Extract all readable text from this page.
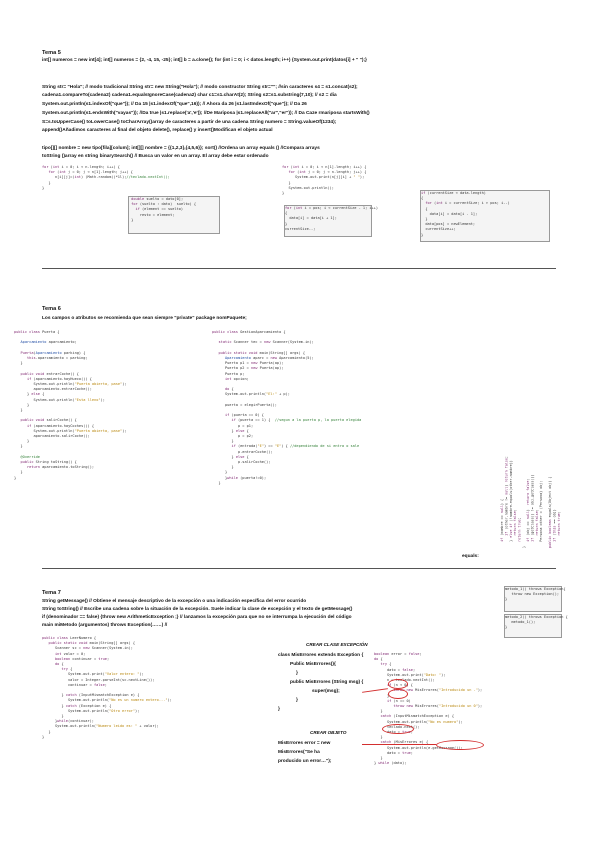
Tema 5
int[] numeros = new int[4]; int[] numeros = {2, -4, 15, -25}; int[] b = a.clone(); for (int i = 0; i < datos.length; i++) {System.out.print(datos[i] + " ");}
String str= "Hola"; // modo tradicional String str= new String("Hola"); // modo constructor String str=""; //sin caracteres s4 = s1.concat(s2);
cadena1.compareTo(cadena2) cadena1.equalsIgnoreCase(cadena2) char c1=s1.charAt(2); String s2=s1.substring(7,10); // s2 = dia
System.out.println(s1.indexOf("que")); // Da 15 |s1.indexOf("que",16)); // Ahora da 26 |s1.lastIndexOf("que")); // Da 26
System.out.println(s1.endsWith("vayas")); //Da true |s1.replace('a','e')); //De Mariposa |s1.replaceAll("ar","er")); // Da Caze rmariposa startsWith()
S=s.toUpperCase() toLowerCase() toCharArray()array de caracteres a partir de una cadena String numero = String.valueOf(1234);
append()Añadimos caracteres al final del objeto delete(), replace() y insert()Modifican el objeto actual
tipo[][] nombre = new tipo[fila][colum]; int[][] nombre = {{1,2,3},{4,5,6}}; sort() //Ordena un array equals () //Compara arrays
toString ()array en string binarySearch() // Busca un valor en un array. El array debe estar ordenado
for (int i = 0; i < n.length; i++) {
for (int j = 0; j < n[1].length; j++) {
n[i][j]=(int) (Math.random()*1l);//teclado.nextInt();
}
}
double suelto = dato[0];
for (suelto : dato)  suelto) {
if (element == suelto)
resto = element;
}
for (int i = 0; i < n[1].length; i++) {
for (int j = 0; j < n.length; j++) {
System.out.print(n[j][i] + " ");
}
System.out.println();
}
for (int i = pos; i < currentSize - 1; i++)
{
data[i] = data[i + 1];
}
currentSize--;
if (currentSize < data.length)
{
for (int i = currentSize; i > pos; i--)
{
data[i] = data[i - 1];
}
data[pos] = newElement;
currentSize++;
}
Tema 6
Los campos o atributos se recomienda que sean siempre "private" package nomPaquete;
public class Puerta {

Aparcamiento aparcamiento;

Puerta(Aparcamiento parking) {
this.aparcamiento = parking;
}

public void entrarCoche() {
if (aparcamiento.hayHueco()) {
System.out.println("Puerta abierta, pase");
aparcamiento.entrarCoche();
} else {
System.out.println("Esta lleno");
}
}

public void salirCoche() {
if (aparcamiento.hayCoches()) {
System.out.println("Puerta abierta, pase");
aparcamiento.salirCoche();
}
}

@Override
public String toString() {
return aparcamiento.toString();
}
}
public class GestionAparcamiento {

static Scanner tec = new Scanner(System.in);

public static void main(String[] args) {
Aparcamiento aparc = new Aparcamiento(5);
Puerta p1 = new Puerta(ap);
Puerta p2 = new Puerta(ap);
Puerta p;
int opcion;

do {
System.out.println("El:" + p);

puerta = elegirPuerta();

if (puerta == 0) {
if (puerta == 1) {  //segun a la puerta p, la puerta elegida
p = p1;
} else {
p = p2;
}
if (entrada("E") == "E") { //dependiendo de si entra o sale
p.entrarCoche();
} else {
p.salirCoche();
}
}
}while (puerta!=0);
}
public boolean equals(Object obj) {
if (this == obj)
return true;
if (obj == null)  return false;
if (getClass() != obj.getClass())
return false;
Persona other = (Persona) obj;
if (nombre == null) {
if (other.nombre != null) return false;
} else if (!nombre.equals(other.nombre))
return false;
return true;
}
equals:
Tema 7
String getMessage() // Obtiene el mensaje descriptivo de la excepción o una indicación específica del error ocurrido
String toString() // Escribe una cadena sobre la situación de la excepción. Suele indicar la clase de excepción y el texto de getMessage()
if (denominador == false) {throw new ArithmeticException ;} // lanzamos la excepción para que no se interrumpa la ejecución del código
main miMetodo (argumentos) throws Exception(……) //
metodo_1() throws Exception{
throw new Exception();
}
metodo_2() throws Exception {
metodo_1();
}
public class LeerNumero {
public static void main(String[] args) {
Scanner sc = new Scanner(System.in);
int valor = 0;
boolean continuar = true;
do {
try {
System.out.print("Valor entero: ");
valor = Integer.parseInt(sc.nextLine());
continuar = false;

} catch (InputMismatchException e) {
System.out.println("No es un numero entero...");
} catch (Exception e) {
System.out.println("Otro error");
}
}while(continuar);
System.out.println("Numero leido es: " + valor);
}
}
CREAR CLASE EXCEPCIÓN
class MisErrores extends Exception {
Public MisErrores(){
}
public MisErrores (String msg) {
super(msg);
}
}
CREAR OBJETO
MisErrores error = new
MisErrores("Se ha
producido un error…");
boolean error = false;
do {
try {
dato = false;
System.out.print("Dato: ");
n = teclado.nextInt();
if (n < 0) {
throw new MisErrores("Introducido un -");
}
if (n == 0)
throw new MisErrores("Introducido un 0");
}
catch (InputMismatchException e) {
System.out.println("No es numero");
teclado.next();
dato = true;
}
catch (MisErrores e) {
System.out.println(e.getMessage());
dato = true;
}
} while (dato);
